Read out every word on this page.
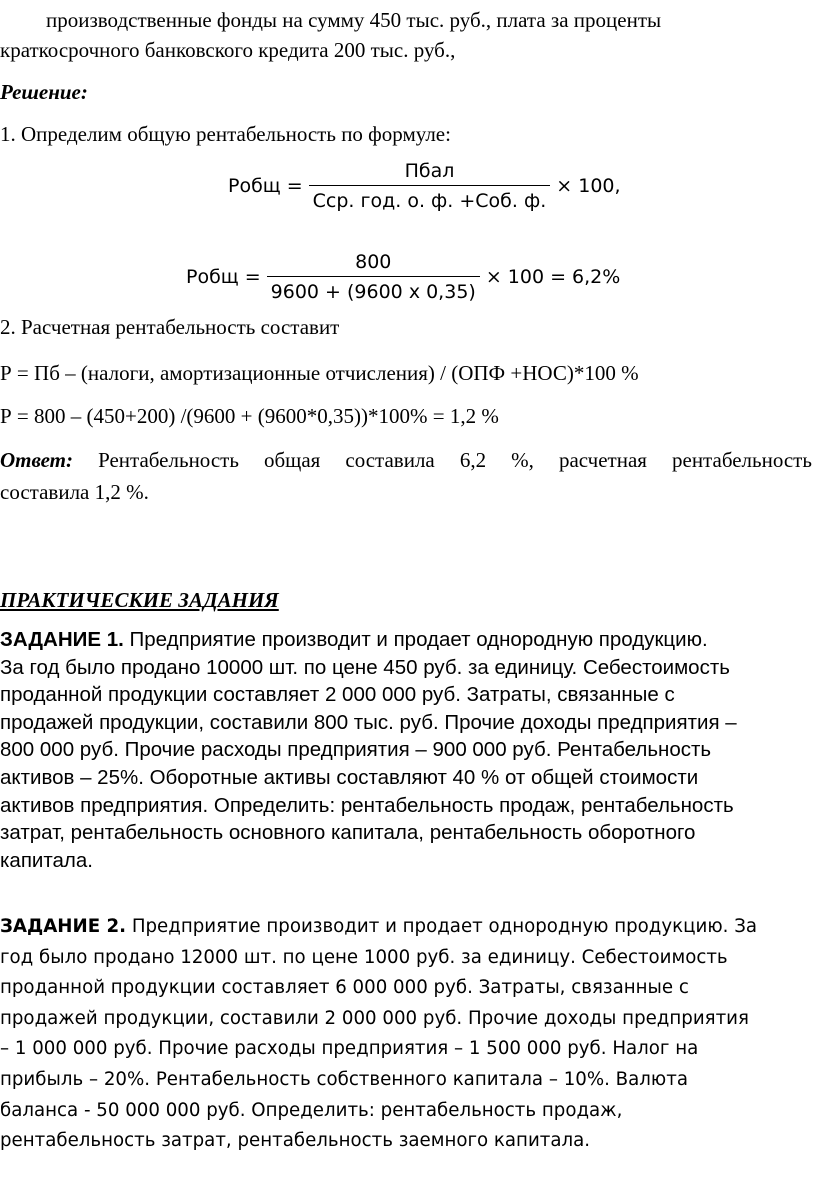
производственные фонды на сумму 450 тыс. руб., плата за проценты
краткосрочного банковского кредита 200 тыс. руб.,
Решение:
1. Определим общую рентабельность по формуле:
Робщ = $\frac{\text{Пбал}}{\text{Сср. год. о. ф. +Соб. ф.}} \times 100$,
Робщ = $\frac{800}{9600 + (9600 х 0,35)} \times 100 = 6,2\%$
2. Расчетная рентабельность составит
Р = Пб – (налоги, амортизационные отчисления) / (ОПФ +НОС)*100 %
Р = 800 – (450+200) /(9600 + (9600*0,35))*100% = 1,2 %
Ответ: Рентабельность общая составила 6,2 %, расчетная рентабельность
составила 1,2 %.
ПРАКТИЧЕСКИЕ ЗАДАНИЯ
ЗАДАНИЕ 1. Предприятие производит и продает однородную продукцию.
За год было продано 10000 шт. по цене 450 руб. за единицу. Себестоимость
проданной продукции составляет 2 000 000 руб. Затраты, связанные с
продажей продукции, составили 800 тыс. руб. Прочие доходы предприятия –
800 000 руб. Прочие расходы предприятия – 900 000 руб. Рентабельность
активов – 25%. Оборотные активы составляют 40 % от общей стоимости
активов предприятия. Определить: рентабельность продаж, рентабельность
затрат, рентабельность основного капитала, рентабельность оборотного
капитала.
ЗАДАНИЕ 2. Предприятие производит и продает однородную продукцию. За
год было продано 12000 шт. по цене 1000 руб. за единицу. Себестоимость
проданной продукции составляет 6 000 000 руб. Затраты, связанные с
продажей продукции, составили 2 000 000 руб. Прочие доходы предприятия
– 1 000 000 руб. Прочие расходы предприятия – 1 500 000 руб. Налог на
прибыль – 20%. Рентабельность собственного капитала – 10%. Валюта
баланса - 50 000 000 руб. Определить: рентабельность продаж,
рентабельность затрат, рентабельность заемного капитала.
